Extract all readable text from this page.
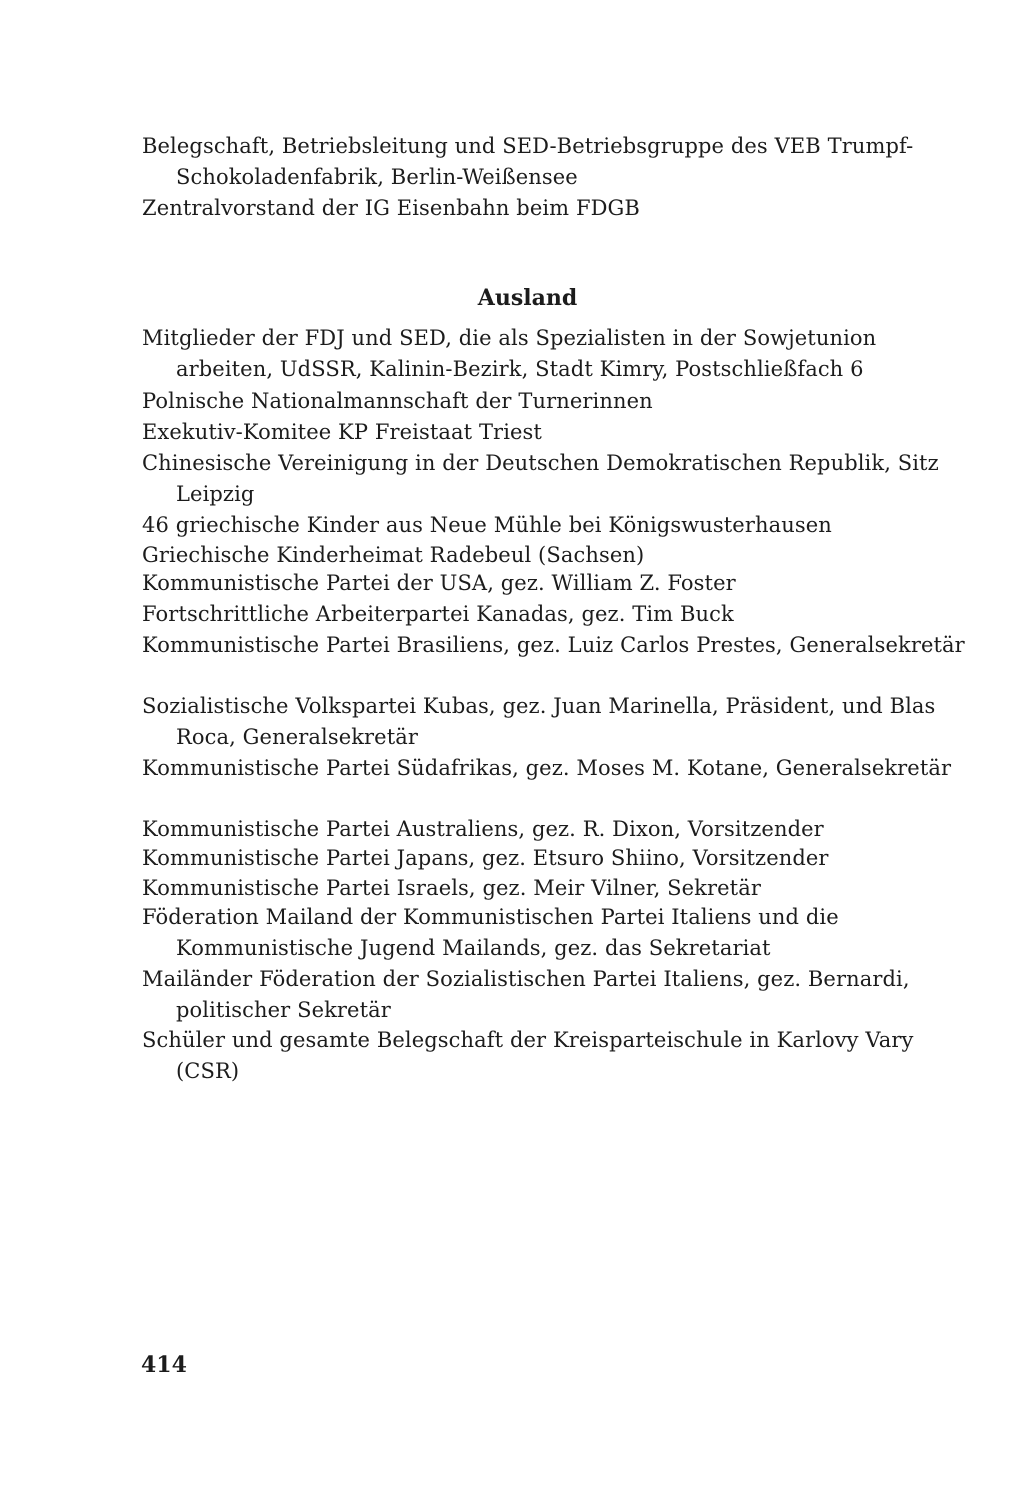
Belegschaft, Betriebsleitung und SED-Betriebsgruppe des VEB Trumpf-Schokoladenfabrik, Berlin-Weißensee

Zentralvorstand der IG Eisenbahn beim FDGB

Ausland

Mitglieder der FDJ und SED, die als Spezialisten in der Sowjetunion arbeiten, UdSSR, Kalinin-Bezirk, Stadt Kimry, Postschließfach 6

Polnische Nationalmannschaft der Turnerinnen

Exekutiv-Komitee KP Freistaat Triest

Chinesische Vereinigung in der Deutschen Demokratischen Republik, Sitz Leipzig

46 griechische Kinder aus Neue Mühle bei Königswusterhausen

Griechische Kinderheimat Radebeul (Sachsen)

Kommunistische Partei der USA, gez. William Z. Foster

Fortschrittliche Arbeiterpartei Kanadas, gez. Tim Buck

Kommunistische Partei Brasiliens, gez. Luiz Carlos Prestes, Generalsekretär

Sozialistische Volkspartei Kubas, gez. Juan Marinella, Präsident, und Blas Roca, Generalsekretär

Kommunistische Partei Südafrikas, gez. Moses M. Kotane, Generalsekretär

Kommunistische Partei Australiens, gez. R. Dixon, Vorsitzender

Kommunistische Partei Japans, gez. Etsuro Shiino, Vorsitzender

Kommunistische Partei Israels, gez. Meir Vilner, Sekretär

Föderation Mailand der Kommunistischen Partei Italiens und die Kommunistische Jugend Mailands, gez. das Sekretariat

Mailänder Föderation der Sozialistischen Partei Italiens, gez. Bernardi, politischer Sekretär

Schüler und gesamte Belegschaft der Kreisparteischule in Karlovy Vary (CSR)

414
